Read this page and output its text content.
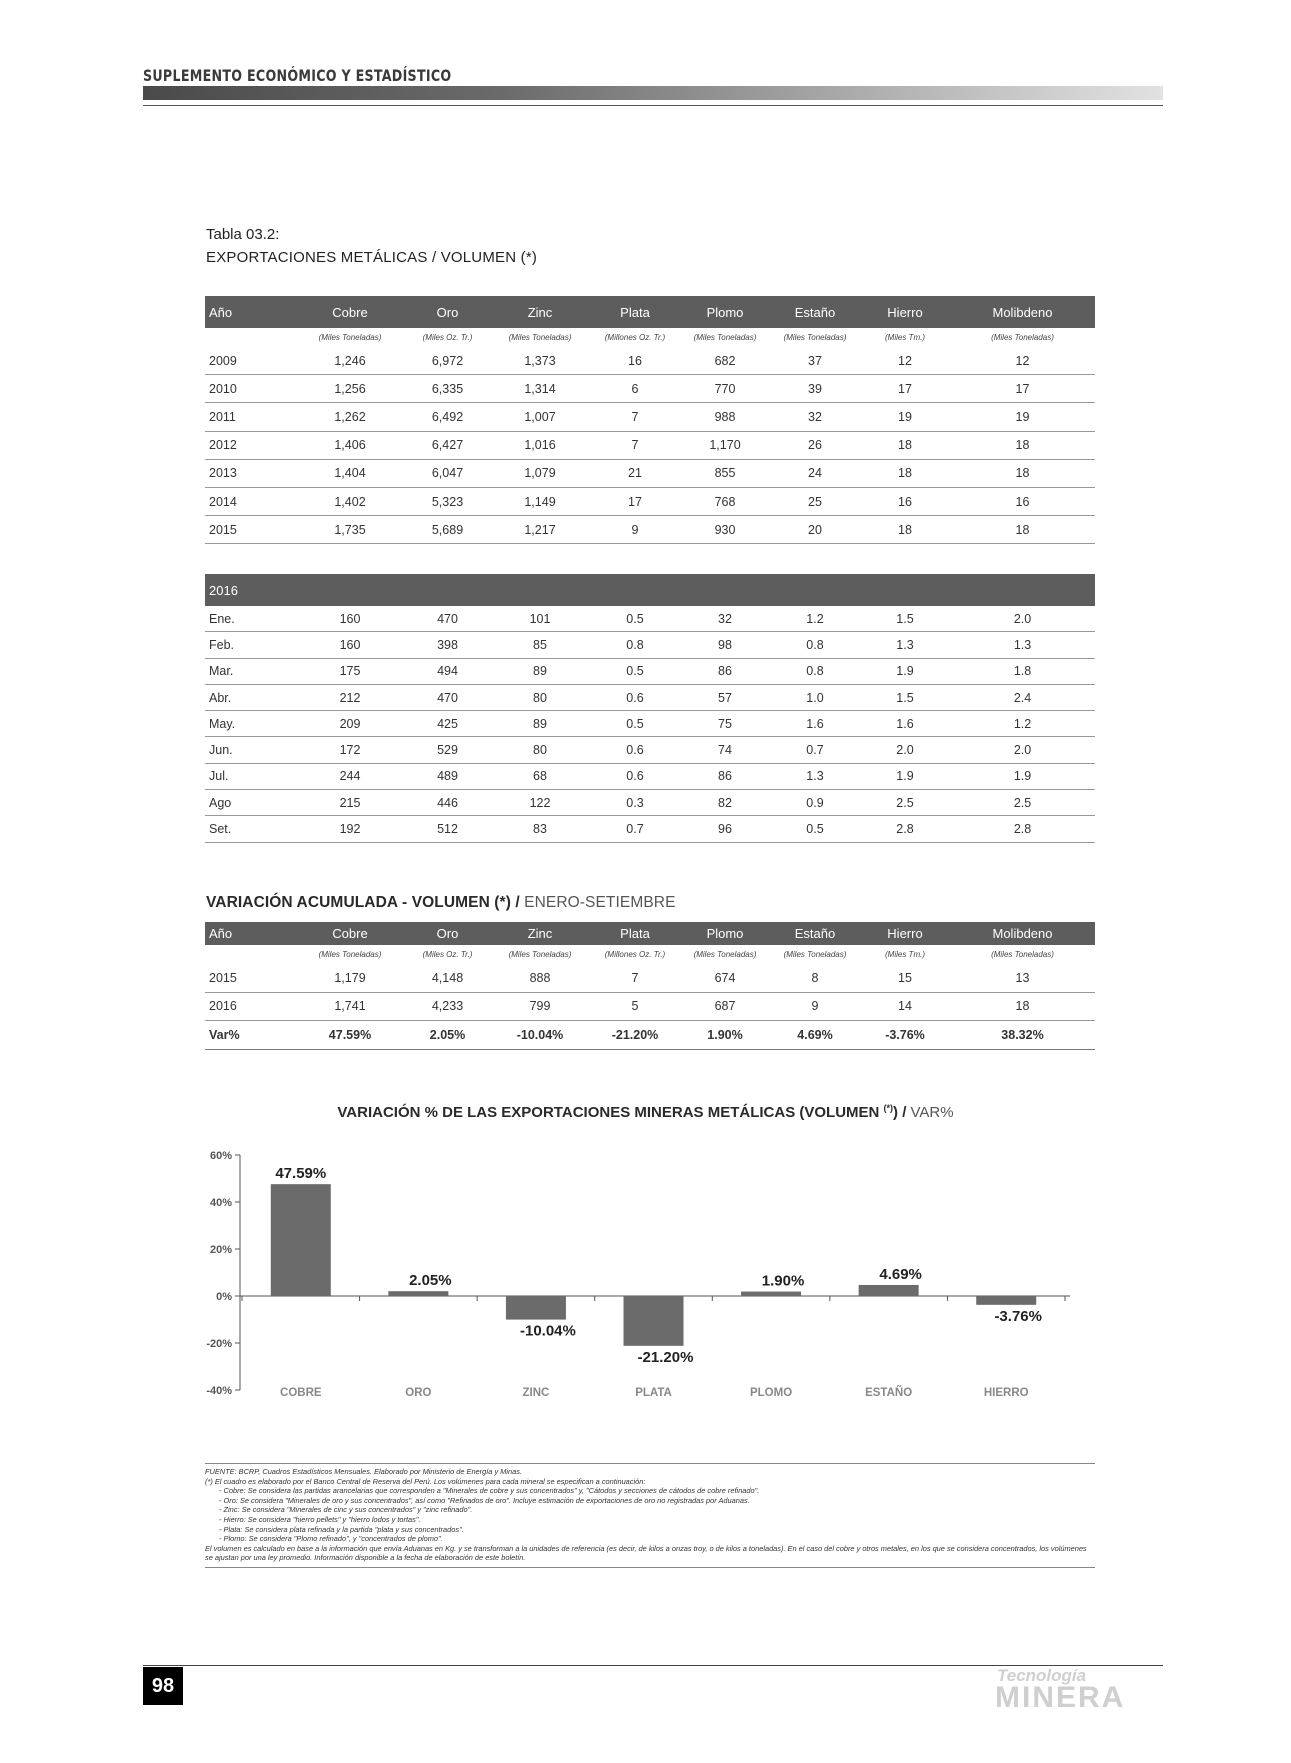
SUPLEMENTO ECONÓMICO Y ESTADÍSTICO
Tabla 03.2:
EXPORTACIONES METÁLICAS / VOLUMEN (*)
Año	Cobre	Oro	Zinc	Plata	Plomo	Estaño	Hierro	Molibdeno
	(Miles Toneladas)	(Miles Oz. Tr.)	(Miles Toneladas)	(Millones Oz. Tr.)	(Miles Toneladas)	(Miles Toneladas)	(Miles Tm.)	(Miles Toneladas)
2009	1,246	6,972	1,373	16	682	37	12	12
2010	1,256	6,335	1,314	6	770	39	17	17
2011	1,262	6,492	1,007	7	988	32	19	19
2012	1,406	6,427	1,016	7	1,170	26	18	18
2013	1,404	6,047	1,079	21	855	24	18	18
2014	1,402	5,323	1,149	17	768	25	16	16
2015	1,735	5,689	1,217	9	930	20	18	18
2016								
Ene.	160	470	101	0.5	32	1.2	1.5	2.0
Feb.	160	398	85	0.8	98	0.8	1.3	1.3
Mar.	175	494	89	0.5	86	0.8	1.9	1.8
Abr.	212	470	80	0.6	57	1.0	1.5	2.4
May.	209	425	89	0.5	75	1.6	1.6	1.2
Jun.	172	529	80	0.6	74	0.7	2.0	2.0
Jul.	244	489	68	0.6	86	1.3	1.9	1.9
Ago	215	446	122	0.3	82	0.9	2.5	2.5
Set.	192	512	83	0.7	96	0.5	2.8	2.8
VARIACIÓN ACUMULADA - VOLUMEN (*) / ENERO-SETIEMBRE
Año	Cobre	Oro	Zinc	Plata	Plomo	Estaño	Hierro	Molibdeno
	(Miles Toneladas)	(Miles Oz. Tr.)	(Miles Toneladas)	(Millones Oz. Tr.)	(Miles Toneladas)	(Miles Toneladas)	(Miles Tm.)	(Miles Toneladas)
2015	1,179	4,148	888	7	674	8	15	13
2016	1,741	4,233	799	5	687	9	14	18
Var%	47.59%	2.05%	-10.04%	-21.20%	1.90%	4.69%	-3.76%	38.32%
VARIACIÓN % DE LAS EXPORTACIONES MINERAS METÁLICAS (VOLUMEN (*)) / VAR%
-40%
-20%
0%
20%
40%
60%
47.59%
COBRE
2.05%
ORO
-10.04%
ZINC
-21.20%
PLATA
1.90%
PLOMO
4.69%
ESTAÑO
-3.76%
HIERRO
FUENTE: BCRP, Cuadros Estadísticos Mensuales. Elaborado por Ministerio de Energía y Minas.
(*) El cuadro es elaborado por el Banco Central de Reserva del Perú. Los volúmenes para cada mineral se especifican a continuación:
- Cobre: Se considera las partidas arancelarias que corresponden a "Minerales de cobre y sus concentrados" y, "Cátodos y secciones de cátodos de cobre refinado".
- Oro: Se considera "Minerales de oro y sus concentrados", así como "Refinados de oro". Incluye estimación de exportaciones de oro no registradas por Aduanas.
- Zinc: Se considera "Minerales de cinc y sus concentrados" y "zinc refinado".
- Hierro: Se considera "hierro pellets" y "hierro lodos y tortas".
- Plata: Se considera plata refinada y la partida "plata y sus concentrados".
- Plomo: Se considera "Plomo refinado", y "concentrados de plomo".
El volumen es calculado en base a la información que envía Aduanas en Kg. y se transforman a la unidades de referencia (es decir, de kilos a onzas troy, o de kilos a toneladas). En el caso del cobre y otros metales, en los que se considera concentrados, los volúmenes se ajustan por una ley promedio. Información disponible a la fecha de elaboración de este boletín.
98	Tecnología
MINERA
